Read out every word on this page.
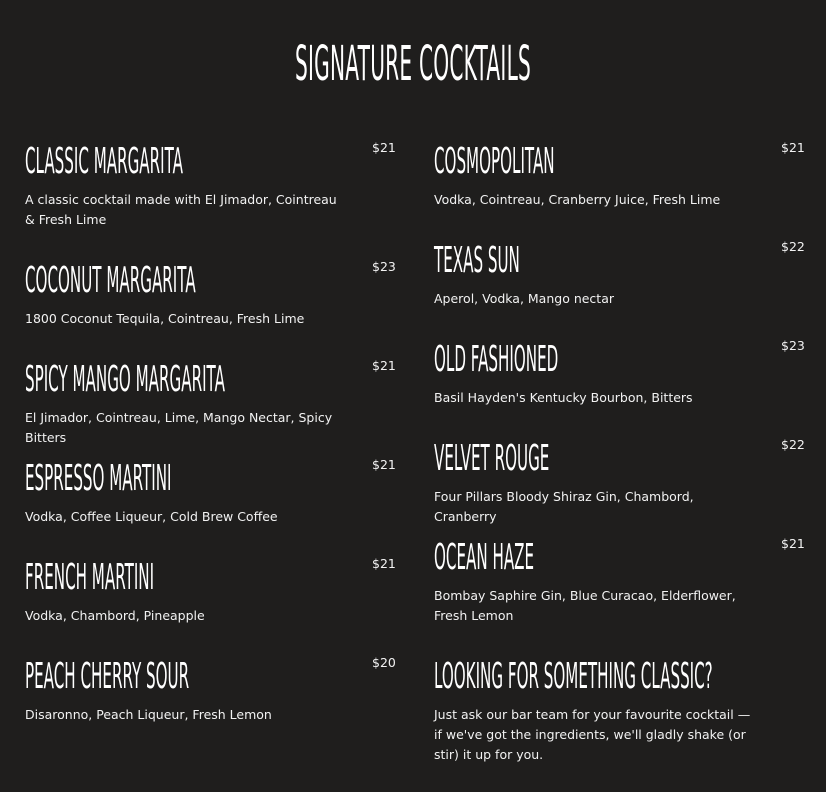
SIGNATURE COCKTAILS
CLASSIC MARGARITA
A classic cocktail made with El Jimador, Cointreau & Fresh Lime
$21
COCONUT MARGARITA
1800 Coconut Tequila, Cointreau, Fresh Lime
$23
SPICY MANGO MARGARITA
El Jimador, Cointreau, Lime, Mango Nectar, Spicy Bitters
$21
ESPRESSO MARTINI
Vodka, Coffee Liqueur, Cold Brew Coffee
$21
FRENCH MARTINI
Vodka, Chambord, Pineapple
$21
PEACH CHERRY SOUR
Disaronno, Peach Liqueur, Fresh Lemon
$20
COSMOPOLITAN
Vodka, Cointreau, Cranberry Juice, Fresh Lime
$21
TEXAS SUN
Aperol, Vodka, Mango nectar
$22
OLD FASHIONED
Basil Hayden's Kentucky Bourbon, Bitters
$23
VELVET ROUGE
Four Pillars Bloody Shiraz Gin, Chambord, Cranberry
$22
OCEAN HAZE
Bombay Saphire Gin, Blue Curacao, Elderflower, Fresh Lemon
$21
LOOKING FOR SOMETHING CLASSIC?
Just ask our bar team for your favourite cocktail — if we've got the ingredients, we'll gladly shake (or stir) it up for you.
